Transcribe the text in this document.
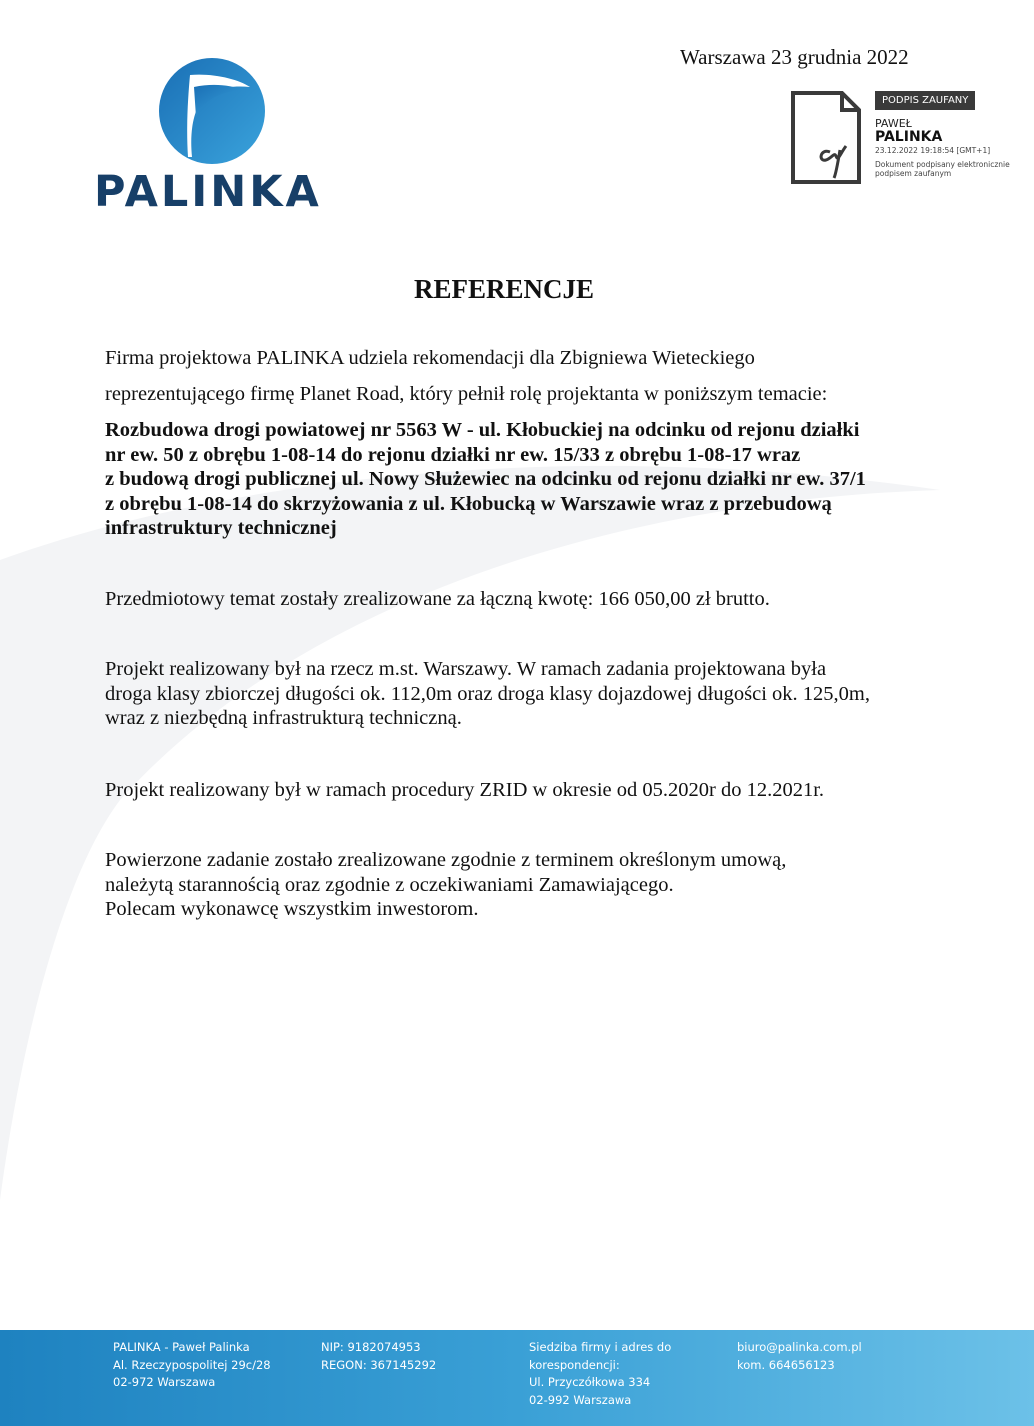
Warszawa 23 grudnia 2022
PALINKA
PODPIS ZAUFANY
PAWEŁ
PALINKA
23.12.2022 19:18:54 [GMT+1]
Dokument podpisany elektronicznie podpisem zaufanym
REFERENCJE
Firma projektowa PALINKA udziela rekomendacji dla Zbigniewa Wieteckiego
reprezentującego firmę Planet Road, który pełnił rolę projektanta w poniższym temacie:
Rozbudowa drogi powiatowej nr 5563 W - ul. Kłobuckiej na odcinku od rejonu działki
nr ew. 50 z obrębu 1-08-14 do rejonu działki nr ew. 15/33 z obrębu 1-08-17 wraz
z budową drogi publicznej ul. Nowy Służewiec na odcinku od rejonu działki nr ew. 37/1
z obrębu 1-08-14 do skrzyżowania z ul. Kłobucką w Warszawie wraz z przebudową
infrastruktury technicznej
Przedmiotowy temat zostały zrealizowane za łączną kwotę: 166 050,00 zł brutto.
Projekt realizowany był na rzecz m.st. Warszawy. W ramach zadania projektowana była
droga klasy zbiorczej długości ok. 112,0m oraz droga klasy dojazdowej długości ok. 125,0m,
wraz z niezbędną infrastrukturą techniczną.
Projekt realizowany był w ramach procedury ZRID w okresie od 05.2020r do 12.2021r.
Powierzone zadanie zostało zrealizowane zgodnie z terminem określonym umową,
należytą starannością oraz zgodnie z oczekiwaniami Zamawiającego.
Polecam wykonawcę wszystkim inwestorom.
PALINKA - Paweł Palinka
Al. Rzeczypospolitej 29c/28
02-972 Warszawa
NIP: 9182074953
REGON: 367145292
Siedziba firmy i adres do
korespondencji:
Ul. Przyczółkowa 334
02-992 Warszawa
biuro@palinka.com.pl
kom. 664656123
